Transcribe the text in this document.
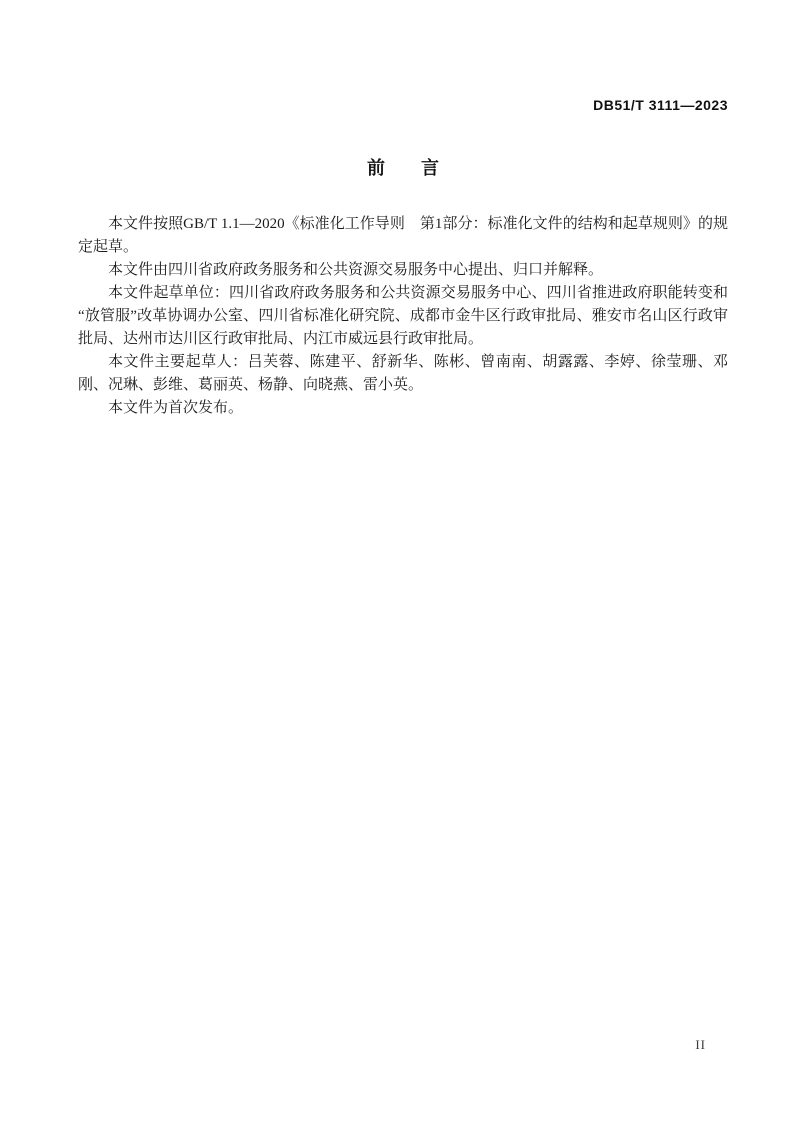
DB51/T 3111—2023
前　　言

本文件按照GB/T 1.1—2020《标准化工作导则　第1部分：标准化文件的结构和起草规则》的规定起草。

本文件由四川省政府政务服务和公共资源交易服务中心提出、归口并解释。

本文件起草单位：四川省政府政务服务和公共资源交易服务中心、四川省推进政府职能转变和“放管服”改革协调办公室、四川省标准化研究院、成都市金牛区行政审批局、雅安市名山区行政审批局、达州市达川区行政审批局、内江市威远县行政审批局。

本文件主要起草人：吕芙蓉、陈建平、舒新华、陈彬、曾南南、胡露露、李婷、徐莹珊、邓刚、况琳、彭维、葛丽英、杨静、向晓燕、雷小英。

本文件为首次发布。

II
